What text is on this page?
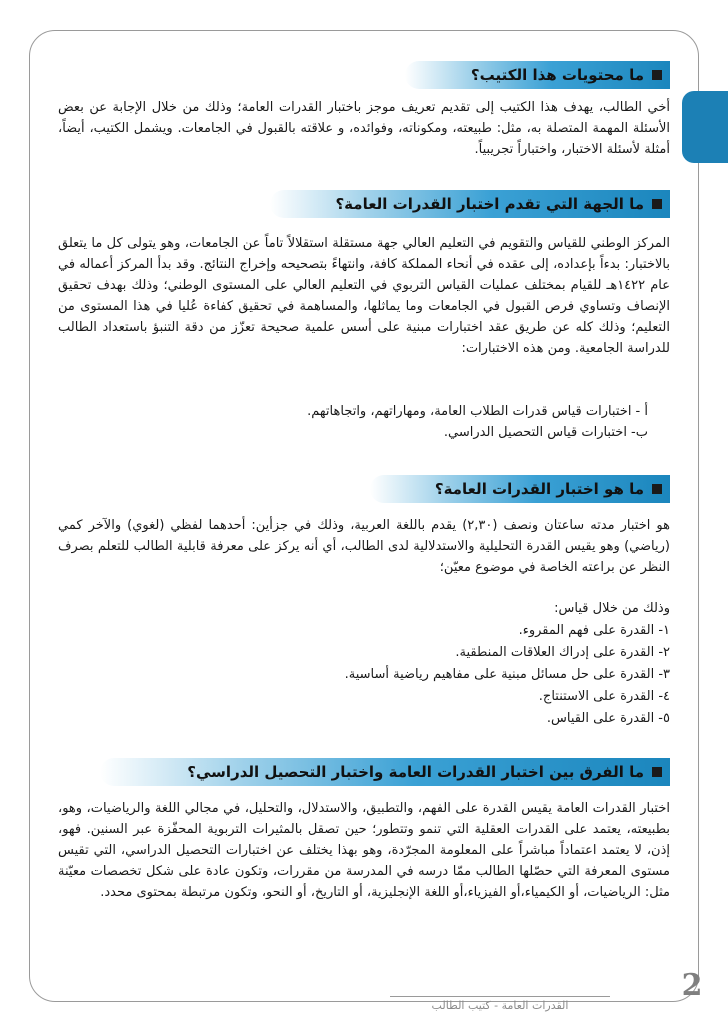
ما محتويات هذا الكتيب؟

أخي الطالب، يهدف هذا الكتيب إلى تقديم تعريف موجز باختبار القدرات العامة؛ وذلك من خلال الإجابة عن بعض الأسئلة المهمة المتصلة به، مثل: طبيعته، ومكوناته، وفوائده، و علاقته بالقبول في الجامعات. ويشمل الكتيب، أيضاً، أمثلة لأسئلة الاختبار، واختباراً تجريبياً.

ما الجهة التي تقدم اختبار القدرات العامة؟

المركز الوطني للقياس والتقويم في التعليم العالي جهة مستقلة استقلالاً تاماً عن الجامعات، وهو يتولى كل ما يتعلق بالاختبار: بدءاً بإعداده، إلى عقده في أنحاء المملكة كافة، وانتهاءً بتصحيحه وإخراج النتائج. وقد بدأ المركز أعماله في عام ١٤٢٢هـ للقيام بمختلف عمليات القياس التربوي في التعليم العالي على المستوى الوطني؛ وذلك بهدف تحقيق الإنصاف وتساوي فرص القبول في الجامعات وما يماثلها، والمساهمة في تحقيق كفاءة عُليا في هذا المستوى من التعليم؛ وذلك كله عن طريق عقد اختبارات مبنية على أسس علمية صحيحة تعزّز من دقة التنبؤ باستعداد الطالب للدراسة الجامعية. ومن هذه الاختبارات:

أ - اختبارات قياس قدرات الطلاب العامة، ومهاراتهم، واتجاهاتهم.
ب- اختبارات قياس التحصيل الدراسي.
ما هو اختبار القدرات العامة؟

هو اختبار مدته ساعتان ونصف (٢,٣٠) يقدم باللغة العربية، وذلك في جزأين: أحدهما لفظي (لغوي) والآخر كمي (رياضي) وهو يقيس القدرة التحليلية والاستدلالية لدى الطالب، أي أنه يركز على معرفة قابلية الطالب للتعلم بصرف النظر عن براعته الخاصة في موضوع معيّن؛

وذلك من خلال قياس:
١- القدرة على فهم المقروء.
٢- القدرة على إدراك العلاقات المنطقية.
٣- القدرة على حل مسائل مبنية على مفاهيم رياضية أساسية.
٤- القدرة على الاستنتاج.
٥- القدرة على القياس.
ما الفرق بين اختبار القدرات العامة واختبار التحصيل الدراسي؟

اختبار القدرات العامة يقيس القدرة على الفهم، والتطبيق، والاستدلال، والتحليل، في مجالي اللغة والرياضيات، وهو، بطبيعته، يعتمد على القدرات العقلية التي تنمو وتتطور؛ حين تصقل بالمثيرات التربوية المحفّزة عبر السنين. فهو، إذن، لا يعتمد اعتماداً مباشراً على المعلومة المجرّدة، وهو بهذا يختلف عن اختبارات التحصيل الدراسي، التي تقيس مستوى المعرفة التي حصّلها الطالب ممّا درسه في المدرسة من مقررات، وتكون عادة على شكل تخصصات معيّنة مثل: الرياضيات، أو الكيمياء،أو الفيزياء،أو اللغة الإنجليزية، أو التاريخ، أو النحو، وتكون مرتبطة بمحتوى محدد.

2
القدرات العامة - كتيب الطالب
